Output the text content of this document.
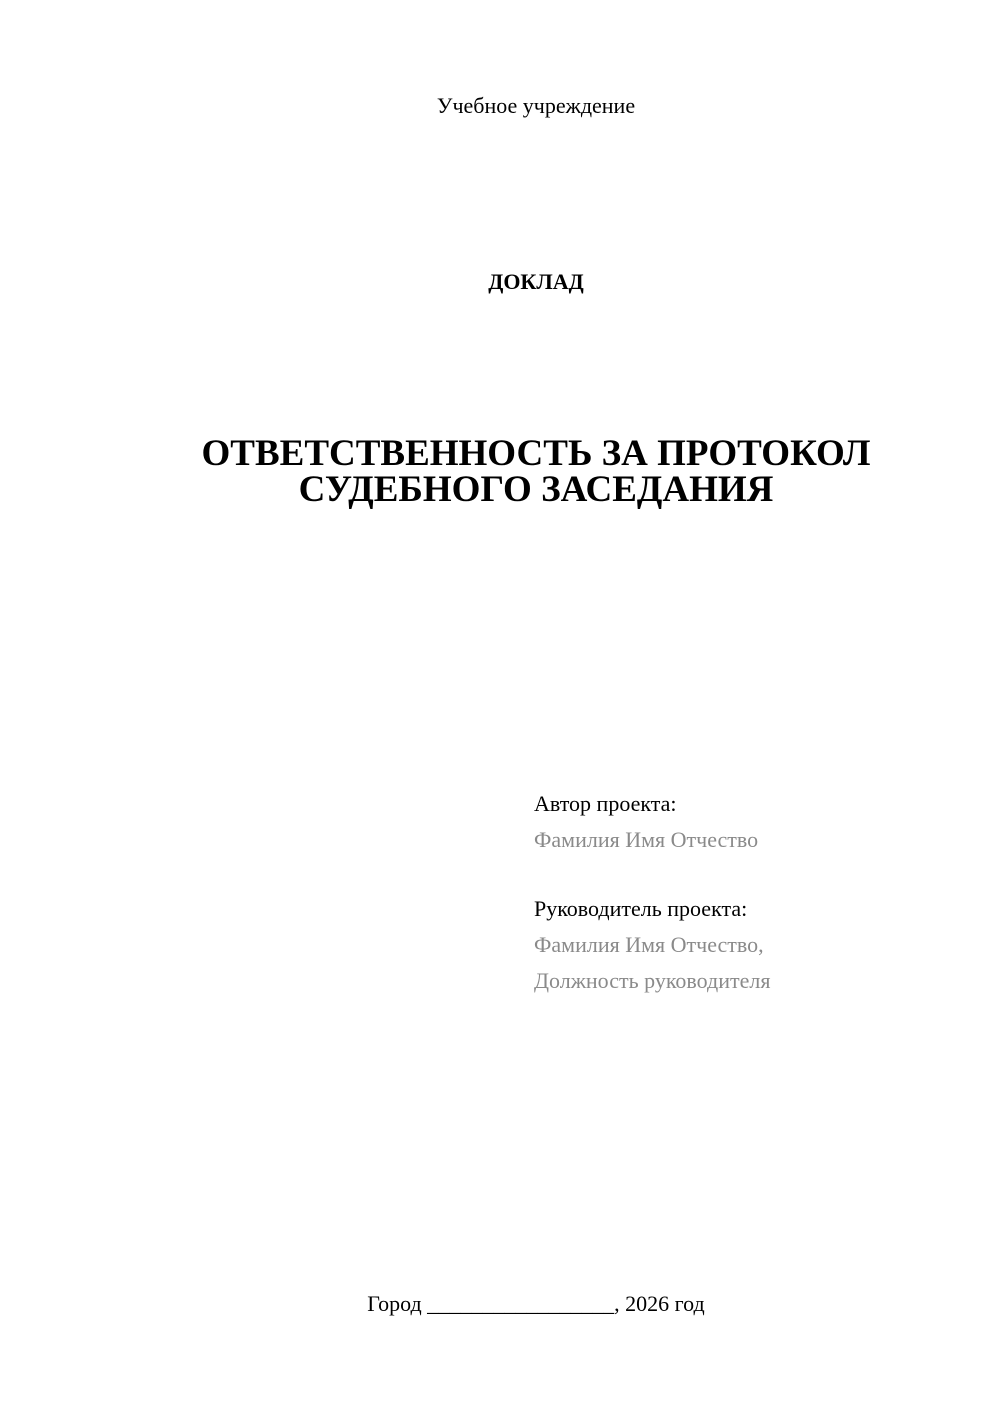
Учебное учреждение
ДОКЛАД
ОТВЕТСТВЕННОСТЬ ЗА ПРОТОКОЛ
СУДЕБНОГО ЗАСЕДАНИЯ
Автор проекта:
Фамилия Имя Отчество
Руководитель проекта:
Фамилия Имя Отчество,
Должность руководителя
Город _________________, 2026 год
